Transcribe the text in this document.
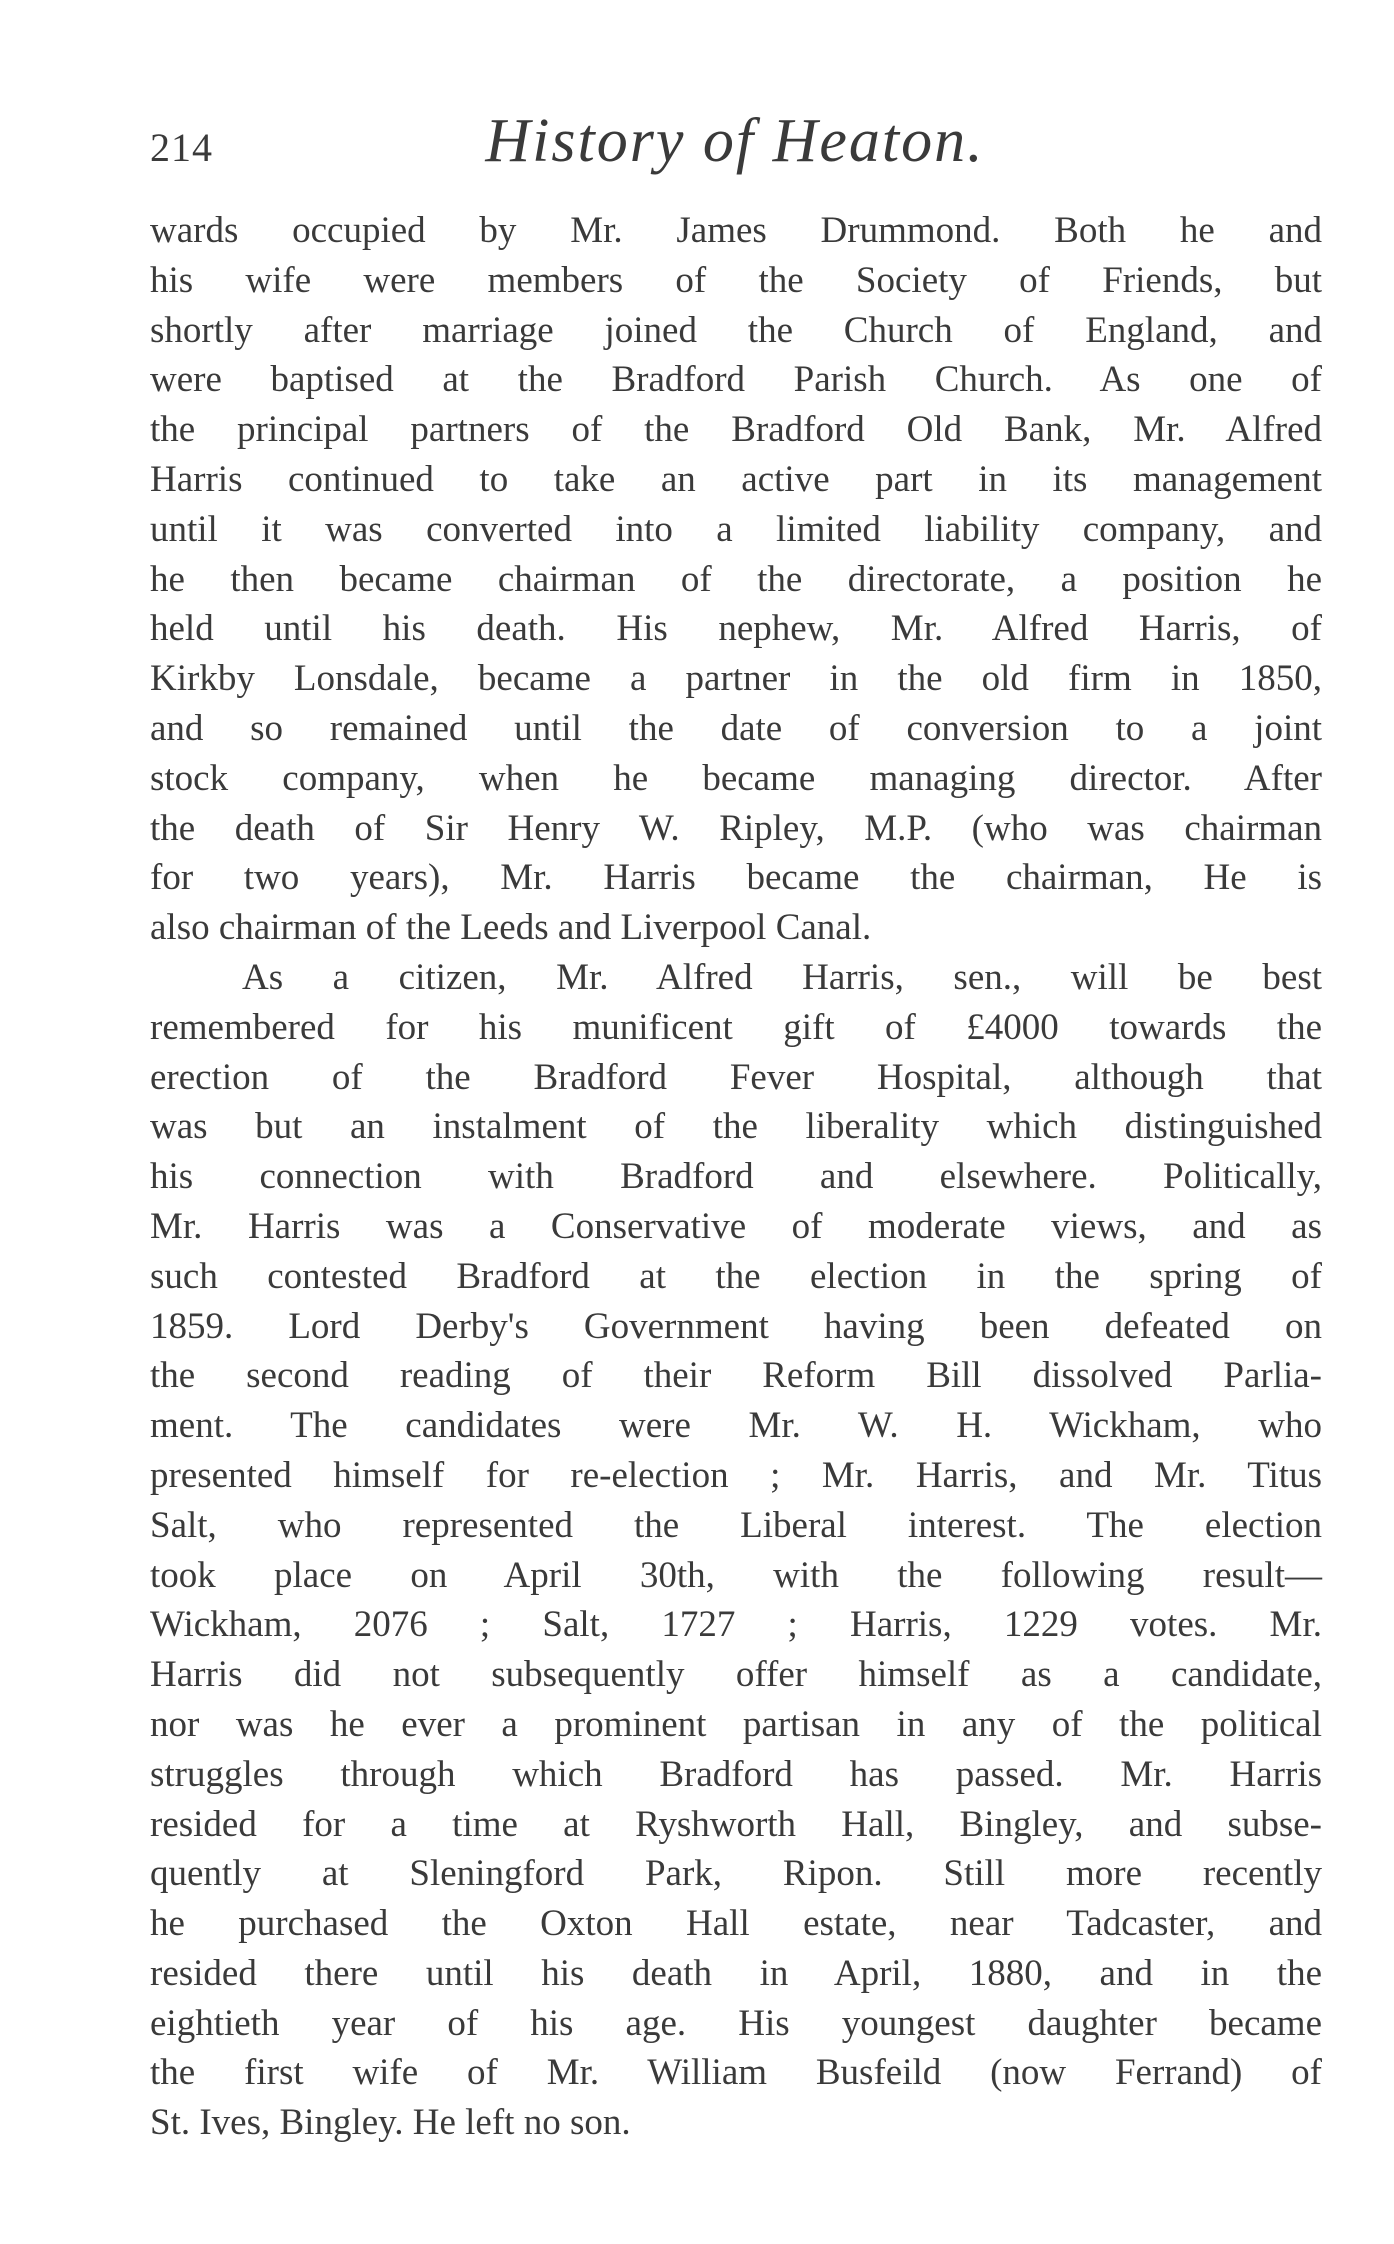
214	History of Heaton.
wards occupied by Mr. James Drummond. Both he and
his wife were members of the Society of Friends, but
shortly after marriage joined the Church of England, and
were baptised at the Bradford Parish Church. As one of
the principal partners of the Bradford Old Bank, Mr. Alfred
Harris continued to take an active part in its management
until it was converted into a limited liability company, and
he then became chairman of the directorate, a position he
held until his death. His nephew, Mr. Alfred Harris, of
Kirkby Lonsdale, became a partner in the old firm in 1850,
and so remained until the date of conversion to a joint
stock company, when he became managing director. After
the death of Sir Henry W. Ripley, M.P. (who was chairman
for two years), Mr. Harris became the chairman, He is
also chairman of the Leeds and Liverpool Canal.
As a citizen, Mr. Alfred Harris, sen., will be best
remembered for his munificent gift of £4000 towards the
erection of the Bradford Fever Hospital, although that
was but an instalment of the liberality which distinguished
his connection with Bradford and elsewhere. Politically,
Mr. Harris was a Conservative of moderate views, and as
such contested Bradford at the election in the spring of
1859. Lord Derby's Government having been defeated on
the second reading of their Reform Bill dissolved Parlia-
ment. The candidates were Mr. W. H. Wickham, who
presented himself for re-election ; Mr. Harris, and Mr. Titus
Salt, who represented the Liberal interest. The election
took place on April 30th, with the following result—
Wickham, 2076 ; Salt, 1727 ; Harris, 1229 votes. Mr.
Harris did not subsequently offer himself as a candidate,
nor was he ever a prominent partisan in any of the political
struggles through which Bradford has passed. Mr. Harris
resided for a time at Ryshworth Hall, Bingley, and subse-
quently at Sleningford Park, Ripon. Still more recently
he purchased the Oxton Hall estate, near Tadcaster, and
resided there until his death in April, 1880, and in the
eightieth year of his age. His youngest daughter became
the first wife of Mr. William Busfeild (now Ferrand) of
St. Ives, Bingley. He left no son.
